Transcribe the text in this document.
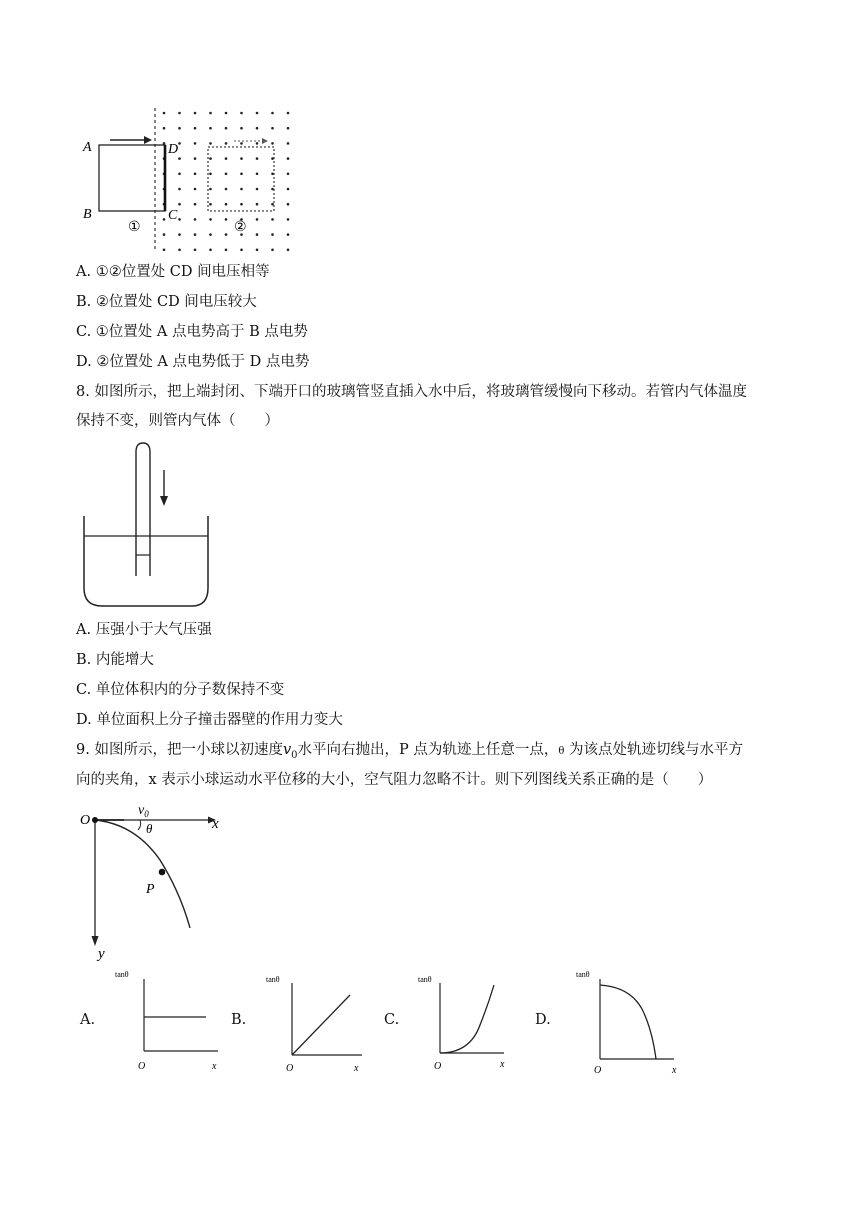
A
B
D
C
①	②
A. ①②位置处 CD 间电压相等
B. ②位置处 CD 间电压较大
C. ①位置处 A 点电势高于 B 点电势
D. ②位置处 A 点电势低于 D 点电势
8. 如图所示，把上端封闭、下端开口的玻璃管竖直插入水中后，将玻璃管缓慢向下移动。若管内气体温度
保持不变，则管内气体（　　）
A. 压强小于大气压强
B. 内能增大
C. 单位体积内的分子数保持不变
D. 单位面积上分子撞击器壁的作用力变大
9. 如图所示，把一小球以初速度$v_0$水平向右抛出，P 点为轨迹上任意一点，θ 为该点处轨迹切线与水平方
向的夹角，x 表示小球运动水平位移的大小，空气阻力忽略不计。则下列图线关系正确的是（　　）
O	x
y
$v_0$
θ
P
A.
tanθ
O	x
B.
tanθ
O	x
C.
tanθ
O	x
D.
tanθ
O	x
